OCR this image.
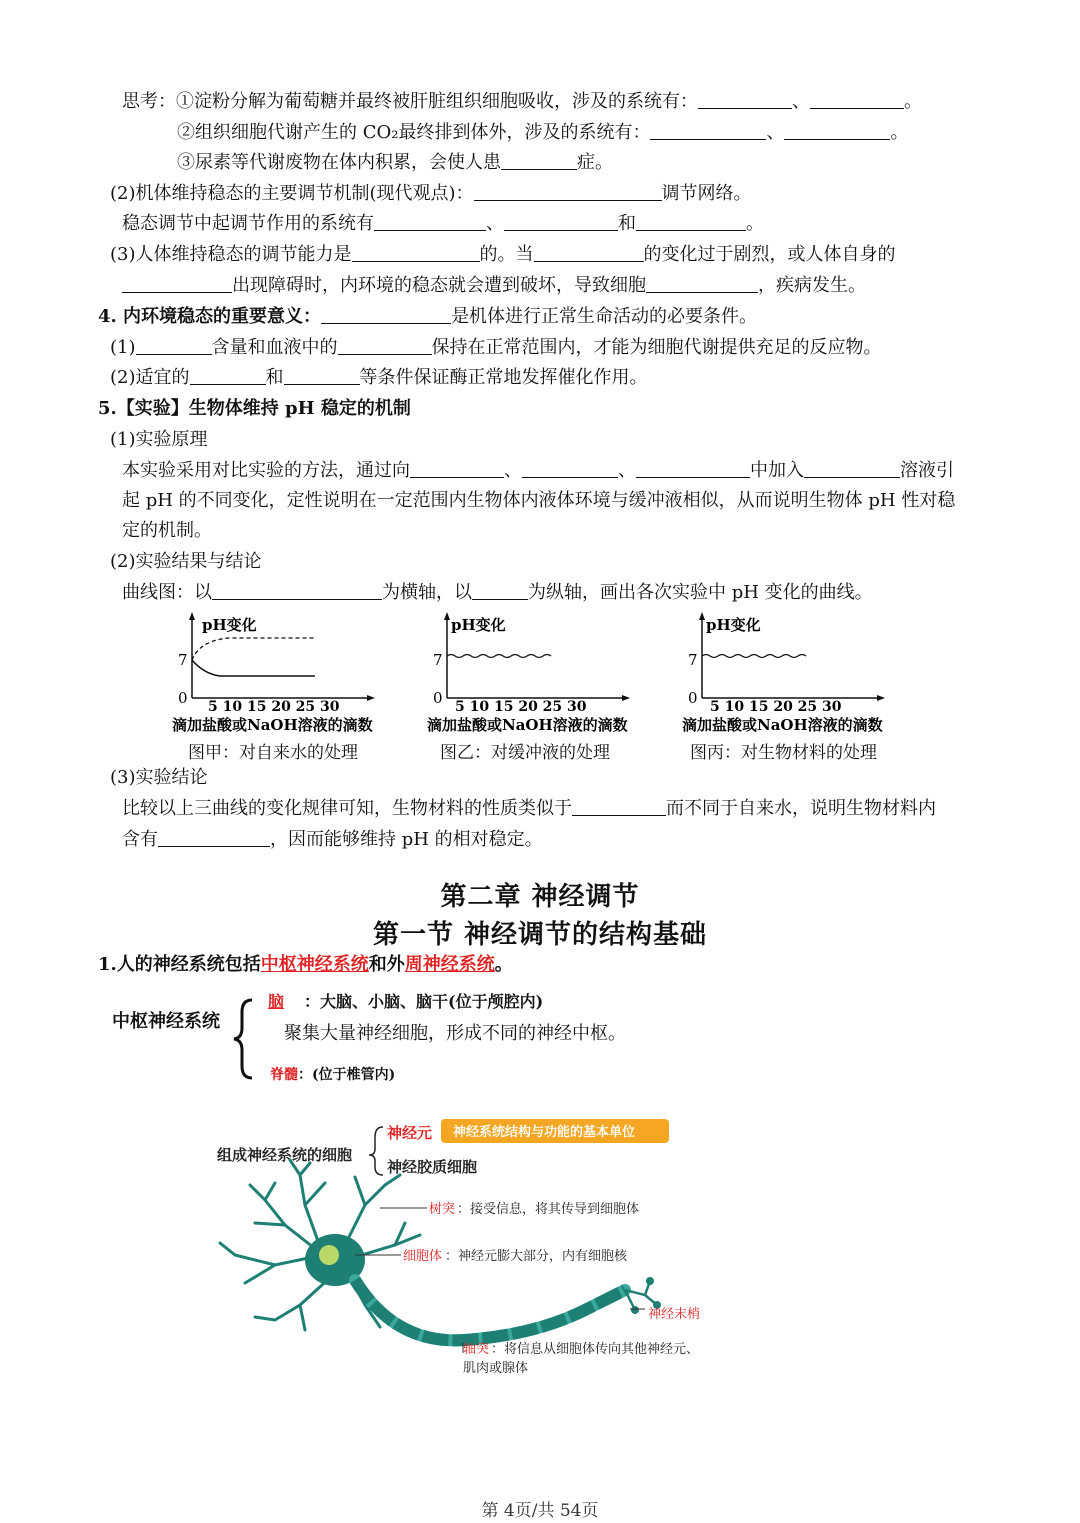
思考：①淀粉分解为葡萄糖并最终被肝脏组织细胞吸收，涉及的系统有：	、	。
②组织细胞代谢产生的 CO₂最终排到体外，涉及的系统有：	、	。
③尿素等代谢废物在体内积累，会使人患	症。
(2)机体维持稳态的主要调节机制(现代观点)：	调节网络。
稳态调节中起调节作用的系统有	、	和	。
(3)人体维持稳态的调节能力是	的。当	的变化过于剧烈，或人体自身的
出现障碍时，内环境的稳态就会遭到破坏，导致细胞	，疾病发生。
4. 内环境稳态的重要意义：	是机体进行正常生命活动的必要条件。
(1)	含量和血液中的	保持在正常范围内，才能为细胞代谢提供充足的反应物。
(2)适宜的	和	等条件保证酶正常地发挥催化作用。
5.【实验】生物体维持 pH 稳定的机制
(1)实验原理
本实验采用对比实验的方法，通过向	、	、	中加入	溶液引
起 pH 的不同变化，定性说明在一定范围内生物体内液体环境与缓冲液相似，从而说明生物体 pH 性对稳
定的机制。
(2)实验结果与结论
曲线图：以	为横轴，以	为纵轴，画出各次实验中 pH 变化的曲线。
pH变化
7
0 5 10 15 20 25 30
滴加盐酸或NaOH溶液的滴数
pH变化
7
0 5 10 15 20 25 30
滴加盐酸或NaOH溶液的滴数
pH变化
7
0 5 10 15 20 25 30
滴加盐酸或NaOH溶液的滴数
图甲：对自来水的处理	图乙：对缓冲液的处理	图丙：对生物材料的处理
(3)实验结论
比较以上三曲线的变化规律可知，生物材料的性质类似于	而不同于自来水，说明生物材料内
含有	，因而能够维持 pH 的相对稳定。
第二章 神经调节
第一节 神经调节的结构基础
1.人的神经系统包括中枢神经系统和外周神经系统。
中枢神经系统
脑 ：大脑、小脑、脑干(位于颅腔内)
聚集大量神经细胞，形成不同的神经中枢。
脊髓：(位于椎管内)
组成神经系统的细胞
神经元 神经系统结构与功能的基本单位
神经胶质细胞
树突 ：接受信息，将其传导到细胞体
细胞体 ：神经元膨大部分，内有细胞核
神经末梢
轴突 ：将信息从细胞体传向其他神经元、
肌肉或腺体
第 4页/共 54页
